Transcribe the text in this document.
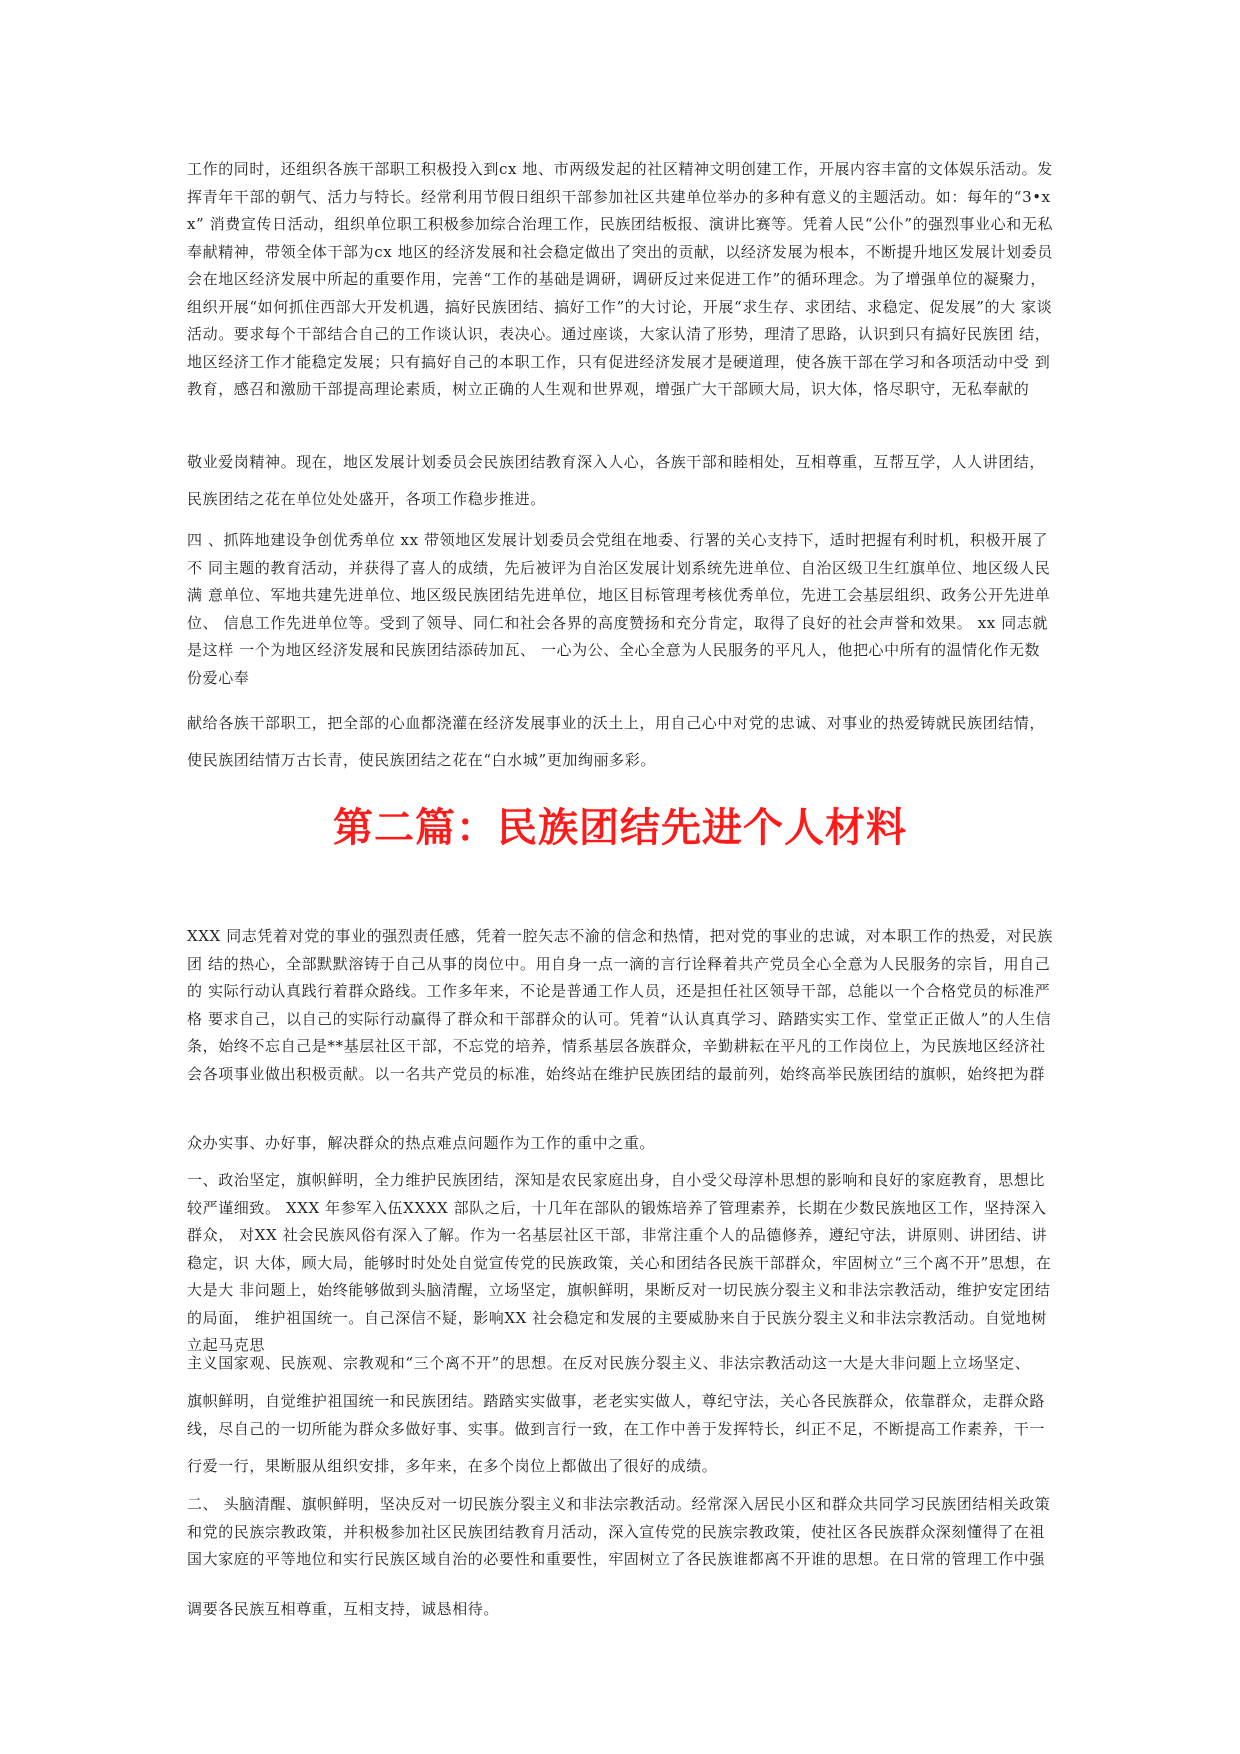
工作的同时，还组织各族干部职工积极投入到cx 地、市两级发起的社区精神文明创建工作，开展内容丰富的文体娱乐活动。发挥青年干部的朝气、活力与特长。经常利用节假日组织干部参加社区共建单位举办的多种有意义的主题活动。如：每年的“3•xx” 消费宣传日活动，组织单位职工积极参加综合治理工作，民族团结板报、演讲比赛等。凭着人民“公仆”的强烈事业心和无私 奉献精神，带领全体干部为cx 地区的经济发展和社会稳定做出了突出的贡献，以经济发展为根本，不断提升地区发展计划委员 会在地区经济发展中所起的重要作用，完善“工作的基础是调研，调研反过来促进工作”的循环理念。为了增强单位的凝聚力， 组织开展“如何抓住西部大开发机遇，搞好民族团结、搞好工作”的大讨论，开展“求生存、求团结、求稳定、促发展”的大 家谈活动。要求每个干部结合自己的工作谈认识，表决心。通过座谈，大家认清了形势，理清了思路，认识到只有搞好民族团 结，地区经济工作才能稳定发展；只有搞好自己的本职工作，只有促进经济发展才是硬道理，使各族干部在学习和各项活动中受 到教育，感召和激励干部提高理论素质，树立正确的人生观和世界观，增强广大干部顾大局，识大体，恪尽职守，无私奉献的

敬业爱岗精神。现在，地区发展计划委员会民族团结教育深入人心，各族干部和睦相处，互相尊重，互帮互学，人人讲团结，

民族团结之花在单位处处盛开，各项工作稳步推进。

四 、抓阵地建设争创优秀单位 xx 带领地区发展计划委员会党组在地委、行署的关心支持下，适时把握有利时机，积极开展了不 同主题的教育活动，并获得了喜人的成绩，先后被评为自治区发展计划系统先进单位、自治区级卫生红旗单位、地区级人民满 意单位、军地共建先进单位、地区级民族团结先进单位，地区目标管理考核优秀单位，先进工会基层组织、政务公开先进单位、 信息工作先进单位等。受到了领导、同仁和社会各界的高度赞扬和充分肯定，取得了良好的社会声誉和效果。 xx 同志就是这样 一个为地区经济发展和民族团结添砖加瓦、 一心为公、全心全意为人民服务的平凡人，他把心中所有的温情化作无数份爱心奉

献给各族干部职工，把全部的心血都浇灌在经济发展事业的沃土上，用自己心中对党的忠诚、对事业的热爱铸就民族团结情，

使民族团结情万古长青，使民族团结之花在“白水城”更加绚丽多彩。

第二篇：民族团结先进个人材料

XXX 同志凭着对党的事业的强烈责任感，凭着一腔矢志不渝的信念和热情，把对党的事业的忠诚，对本职工作的热爱，对民族团 结的热心，全部默默溶铸于自己从事的岗位中。用自身一点一滴的言行诠释着共产党员全心全意为人民服务的宗旨，用自己的 实际行动认真践行着群众路线。工作多年来，不论是普通工作人员，还是担任社区领导干部，总能以一个合格党员的标准严格 要求自己，以自己的实际行动赢得了群众和干部群众的认可。凭着“认认真真学习、踏踏实实工作、堂堂正正做人”的人生信 条，始终不忘自己是**基层社区干部，不忘党的培养，情系基层各族群众，辛勤耕耘在平凡的工作岗位上，为民族地区经济社 会各项事业做出积极贡献。以一名共产党员的标准，始终站在维护民族团结的最前列，始终高举民族团结的旗帜，始终把为群

众办实事、办好事，解决群众的热点难点问题作为工作的重中之重。

一、政治坚定，旗帜鲜明，全力维护民族团结，深知是农民家庭出身，自小受父母淳朴思想的影响和良好的家庭教育，思想比较严谨细致。 XXX 年参军入伍XXXX 部队之后，十几年在部队的锻炼培养了管理素养，长期在少数民族地区工作，坚持深入群众， 对XX 社会民族风俗有深入了解。作为一名基层社区干部，非常注重个人的品德修养，遵纪守法，讲原则、讲团结、讲稳定，识 大体，顾大局，能够时时处处自觉宣传党的民族政策，关心和团结各民族干部群众，牢固树立“三个离不开”思想，在大是大 非问题上，始终能够做到头脑清醒，立场坚定，旗帜鲜明，果断反对一切民族分裂主义和非法宗教活动，维护安定团结的局面， 维护祖国统一。自己深信不疑，影响XX 社会稳定和发展的主要威胁来自于民族分裂主义和非法宗教活动。自觉地树立起马克思

主义国家观、民族观、宗教观和“三个离不开”的思想。在反对民族分裂主义、非法宗教活动这一大是大非问题上立场坚定、

旗帜鲜明，自觉维护祖国统一和民族团结。踏踏实实做事，老老实实做人，尊纪守法，关心各民族群众，依靠群众，走群众路线，尽自己的一切所能为群众多做好事、实事。做到言行一致，在工作中善于发挥特长，纠正不足，不断提高工作素养，干一

行爱一行，果断服从组织安排，多年来，在多个岗位上都做出了很好的成绩。

二、 头脑清醒、旗帜鲜明，坚决反对一切民族分裂主义和非法宗教活动。经常深入居民小区和群众共同学习民族团结相关政策 和党的民族宗教政策，并积极参加社区民族团结教育月活动，深入宣传党的民族宗教政策，使社区各民族群众深刻懂得了在祖 国大家庭的平等地位和实行民族区域自治的必要性和重要性，牢固树立了各民族谁都离不开谁的思想。在日常的管理工作中强

调要各民族互相尊重，互相支持，诚恳相待。
